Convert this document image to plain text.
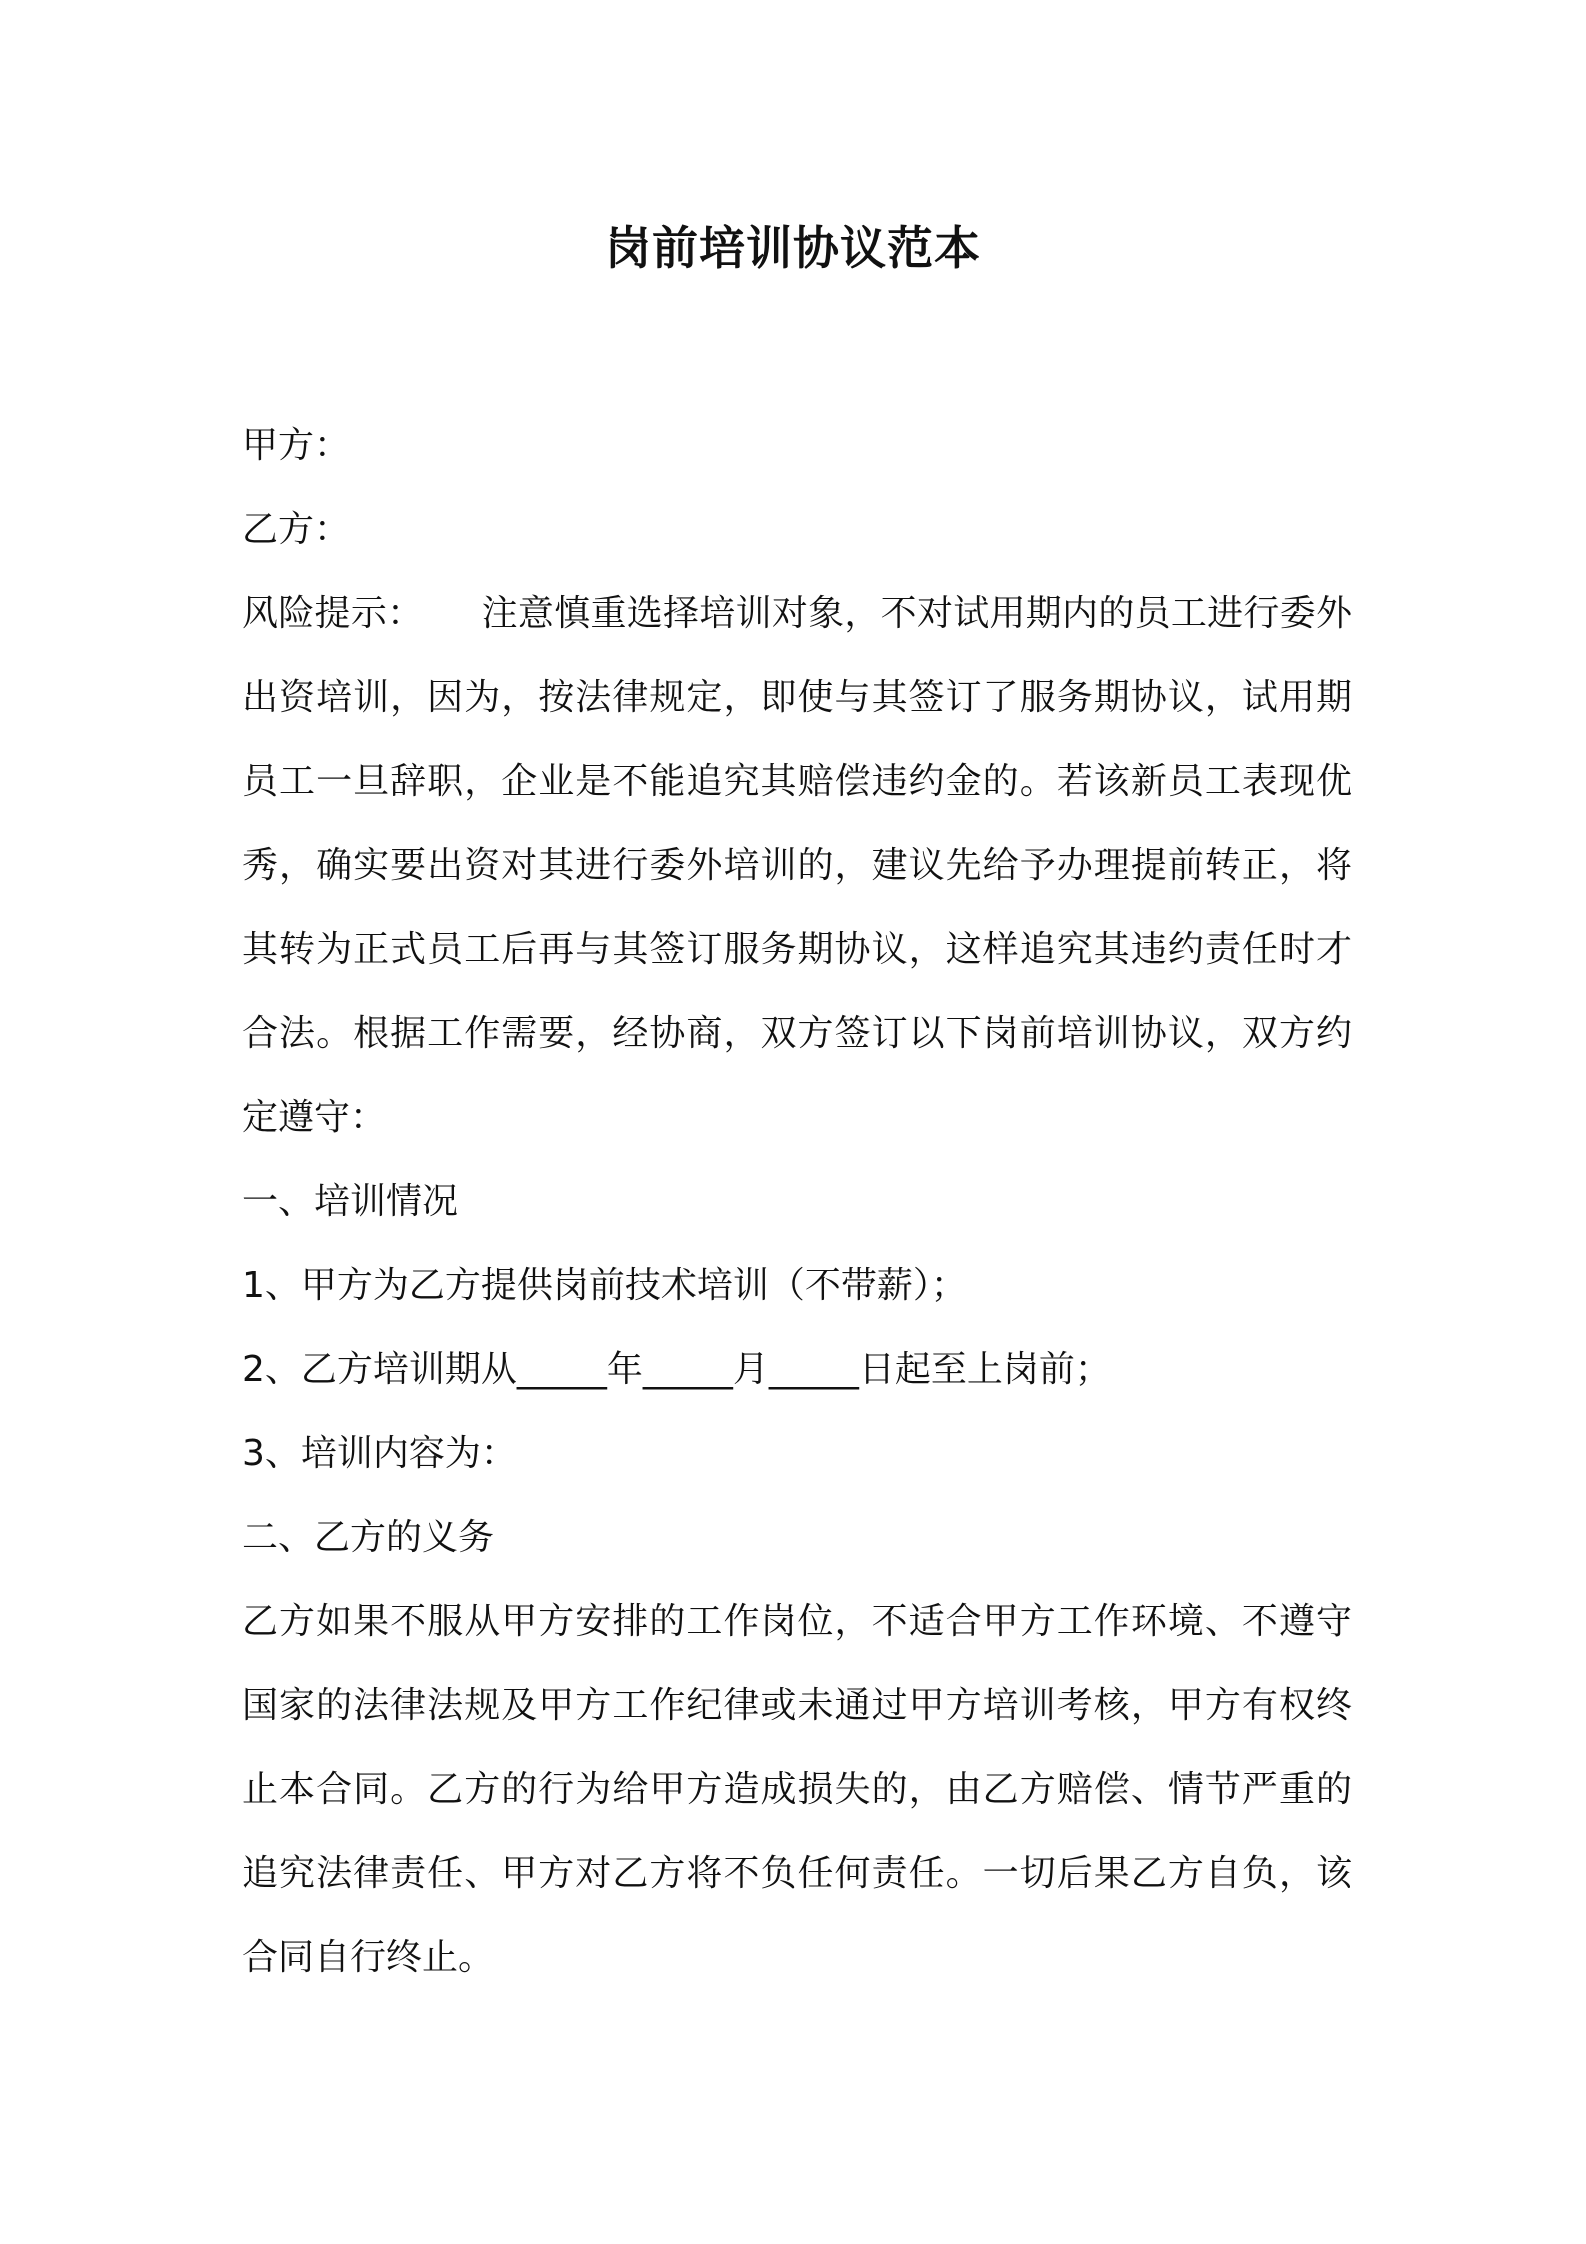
岗前培训协议范本
甲方：
乙方：
风险提示： 注意慎重选择培训对象，不对试用期内的员工进行委外出资培训，因为，按法律规定，即使与其签订了服务期协议，试用期员工一旦辞职，企业是不能追究其赔偿违约金的。若该新员工表现优秀，确实要出资对其进行委外培训的，建议先给予办理提前转正，将其转为正式员工后再与其签订服务期协议，这样追究其违约责任时才合法。根据工作需要，经协商，双方签订以下岗前培训协议，双方约定遵守：
一、培训情况
1、甲方为乙方提供岗前技术培训（不带薪）；
2、乙方培训期从_____年_____月_____日起至上岗前；
3、培训内容为：
二、乙方的义务
乙方如果不服从甲方安排的工作岗位，不适合甲方工作环境、不遵守国家的法律法规及甲方工作纪律或未通过甲方培训考核，甲方有权终止本合同。乙方的行为给甲方造成损失的，由乙方赔偿、情节严重的追究法律责任、甲方对乙方将不负任何责任。一切后果乙方自负，该合同自行终止。
